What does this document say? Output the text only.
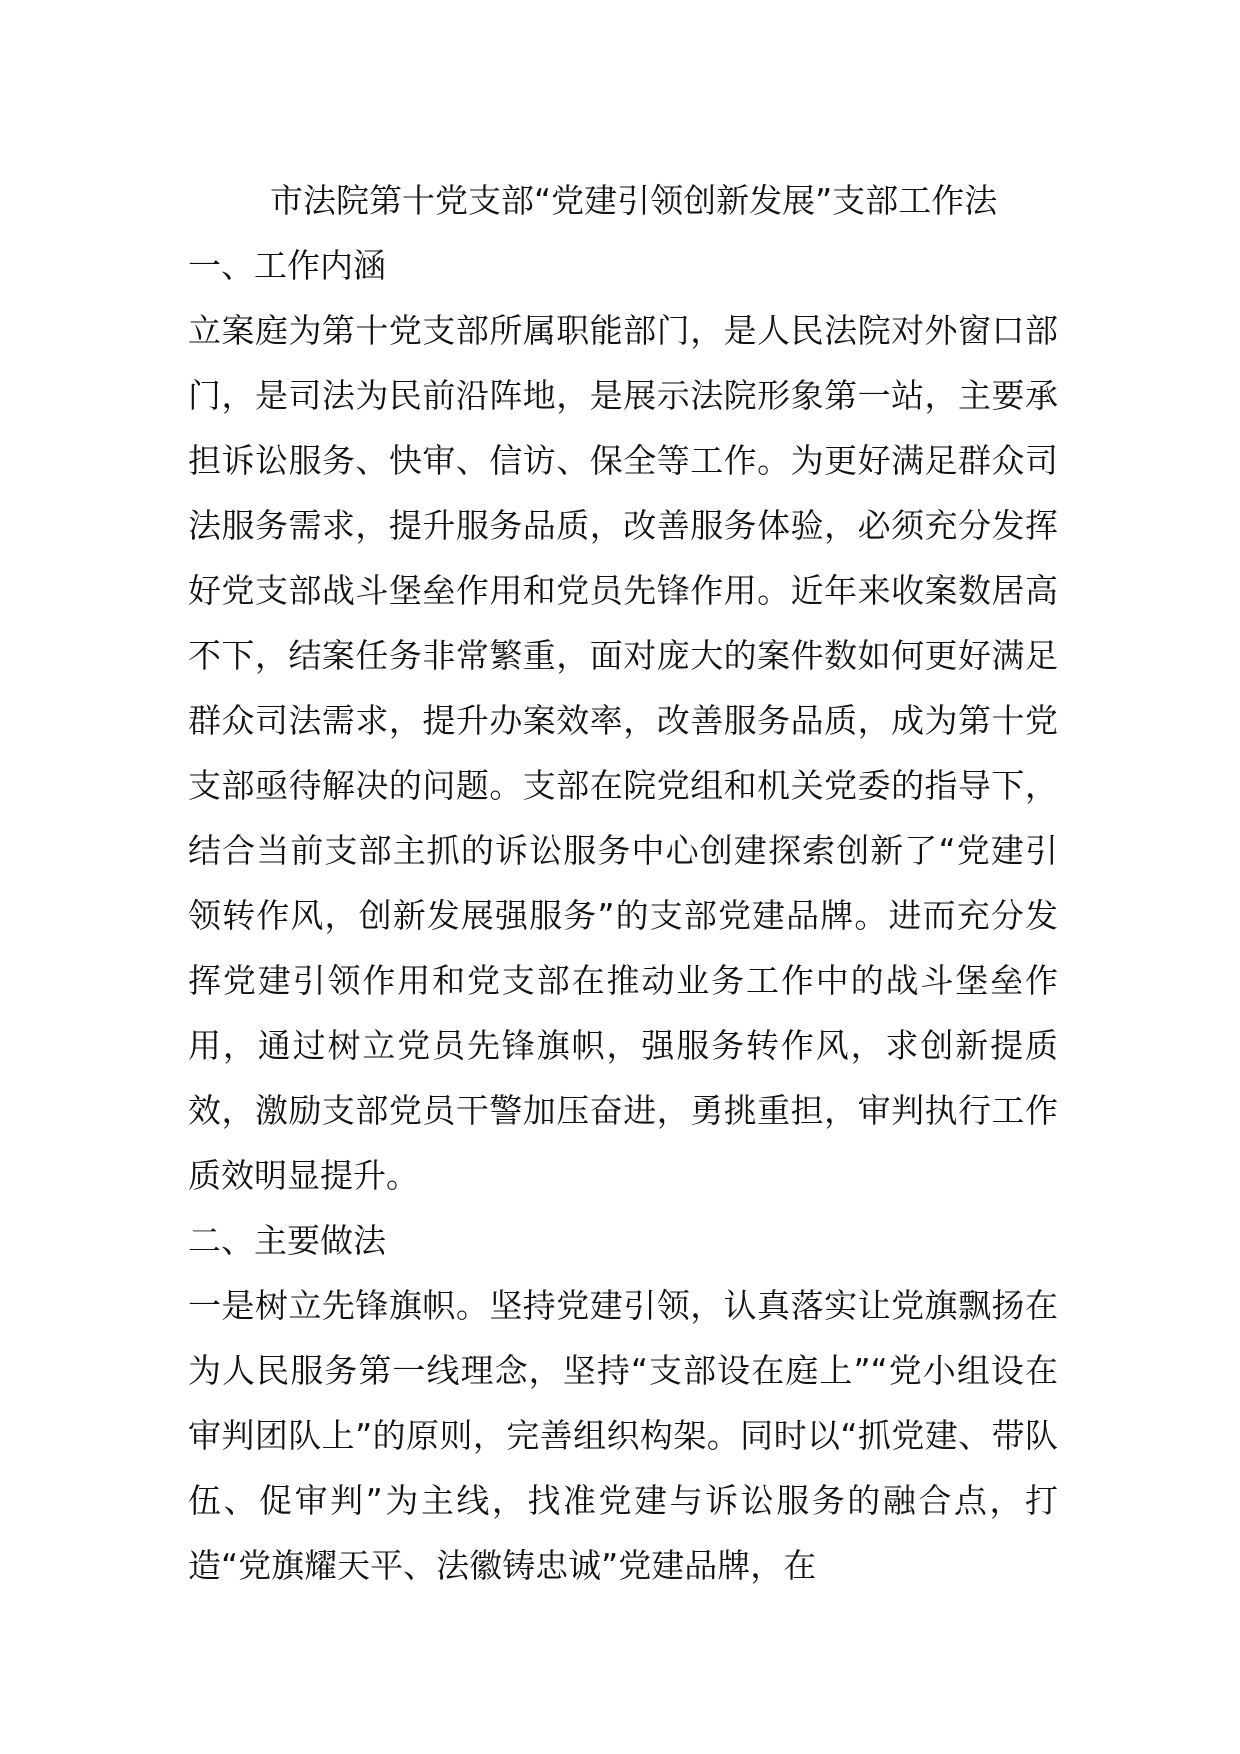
市法院第十党支部“党建引领创新发展”支部工作法
一、工作内涵

立案庭为第十党支部所属职能部门，是人民法院对外窗口部门，是司法为民前沿阵地，是展示法院形象第一站，主要承担诉讼服务、快审、信访、保全等工作。为更好满足群众司法服务需求，提升服务品质，改善服务体验，必须充分发挥好党支部战斗堡垒作用和党员先锋作用。近年来收案数居高不下，结案任务非常繁重，面对庞大的案件数如何更好满足群众司法需求，提升办案效率，改善服务品质，成为第十党支部亟待解决的问题。支部在院党组和机关党委的指导下，结合当前支部主抓的诉讼服务中心创建探索创新了“党建引领转作风，创新发展强服务”的支部党建品牌。进而充分发挥党建引领作用和党支部在推动业务工作中的战斗堡垒作用，通过树立党员先锋旗帜，强服务转作风，求创新提质效，激励支部党员干警加压奋进，勇挑重担，审判执行工作质效明显提升。

二、主要做法

一是树立先锋旗帜。坚持党建引领，认真落实让党旗飘扬在为人民服务第一线理念，坚持“支部设在庭上”“党小组设在审判团队上”的原则，完善组织构架。同时以“抓党建、带队伍、促审判”为主线，找准党建与诉讼服务的融合点，打造“党旗耀天平、法徽铸忠诚”党建品牌，在
